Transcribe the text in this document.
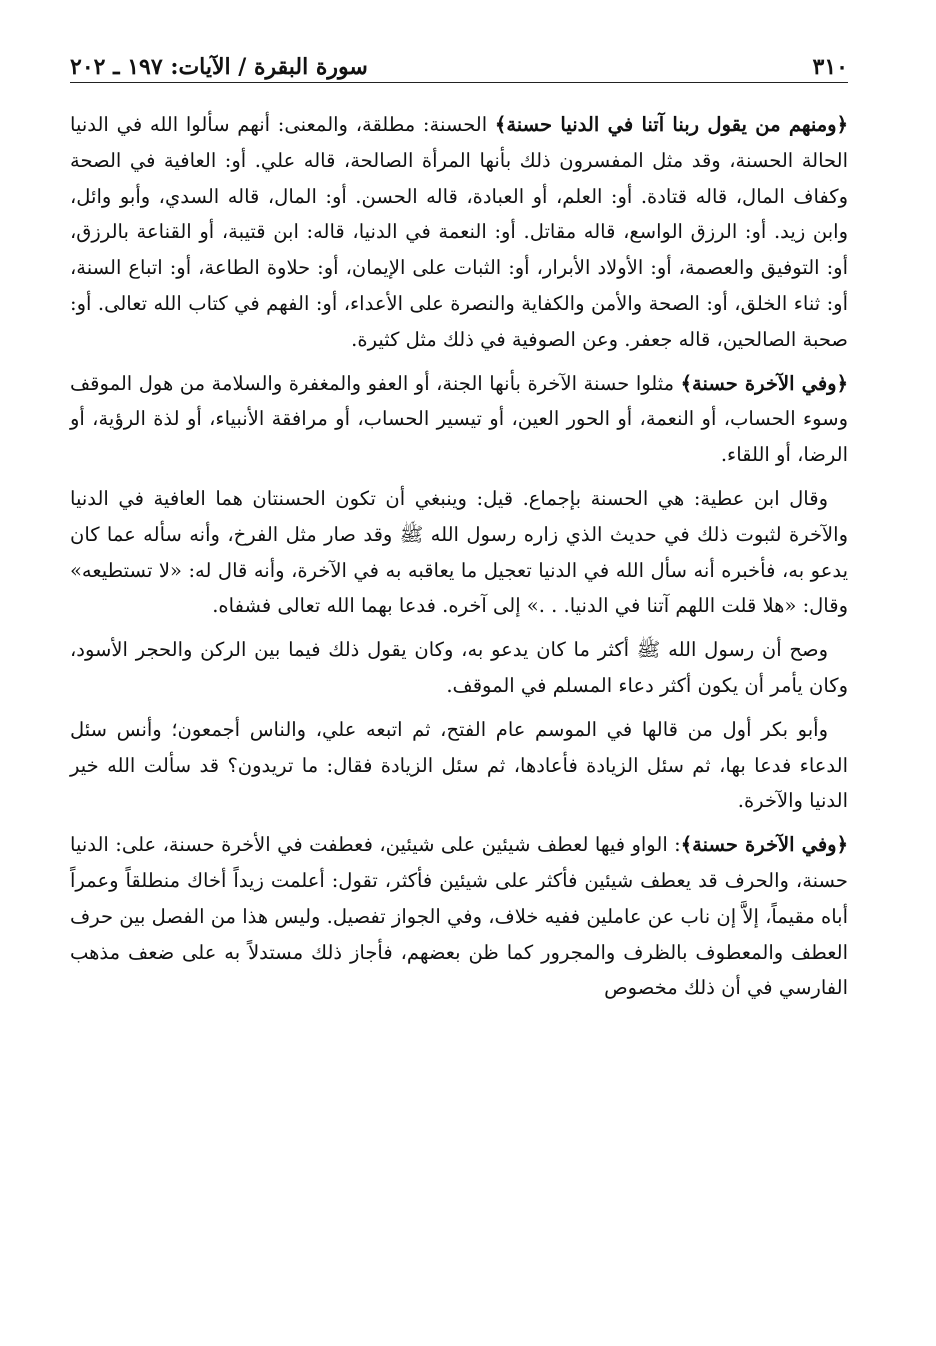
٣١٠
سورة البقرة / الآيات: ١٩٧ ـ ٢٠٢

﴿ومنهم من يقول ربنا آتنا في الدنيا حسنة﴾ الحسنة: مطلقة، والمعنى: أنهم سألوا الله في الدنيا الحالة الحسنة، وقد مثل المفسرون ذلك بأنها المرأة الصالحة، قاله علي. أو: العافية في الصحة وكفاف المال، قاله قتادة. أو: العلم، أو العبادة، قاله الحسن. أو: المال، قاله السدي، وأبو وائل، وابن زيد. أو: الرزق الواسع، قاله مقاتل. أو: النعمة في الدنيا، قاله: ابن قتيبة، أو القناعة بالرزق، أو: التوفيق والعصمة، أو: الأولاد الأبرار، أو: الثبات على الإيمان، أو: حلاوة الطاعة، أو: اتباع السنة، أو: ثناء الخلق، أو: الصحة والأمن والكفاية والنصرة على الأعداء، أو: الفهم في كتاب الله تعالى. أو: صحبة الصالحين، قاله جعفر. وعن الصوفية في ذلك مثل كثيرة.

﴿وفي الآخرة حسنة﴾ مثلوا حسنة الآخرة بأنها الجنة، أو العفو والمغفرة والسلامة من هول الموقف وسوء الحساب، أو النعمة، أو الحور العين، أو تيسير الحساب، أو مرافقة الأنبياء، أو لذة الرؤية، أو الرضا، أو اللقاء.

وقال ابن عطية: هي الحسنة بإجماع. قيل: وينبغي أن تكون الحسنتان هما العافية في الدنيا والآخرة لثبوت ذلك في حديث الذي زاره رسول الله ﷺ وقد صار مثل الفرخ، وأنه سأله عما كان يدعو به، فأخبره أنه سأل الله في الدنيا تعجيل ما يعاقبه به في الآخرة، وأنه قال له: «لا تستطيعه» وقال: «هلا قلت اللهم آتنا في الدنيا. . .» إلى آخره. فدعا بهما الله تعالى فشفاه.

وصح أن رسول الله ﷺ أكثر ما كان يدعو به، وكان يقول ذلك فيما بين الركن والحجر الأسود، وكان يأمر أن يكون أكثر دعاء المسلم في الموقف.

وأبو بكر أول من قالها في الموسم عام الفتح، ثم اتبعه علي، والناس أجمعون؛ وأنس سئل الدعاء فدعا بها، ثم سئل الزيادة فأعادها، ثم سئل الزيادة فقال: ما تريدون؟ قد سألت الله خير الدنيا والآخرة.

﴿وفي الآخرة حسنة﴾: الواو فيها لعطف شيئين على شيئين، فعطفت في الأخرة حسنة، على: الدنيا حسنة، والحرف قد يعطف شيئين فأكثر على شيئين فأكثر، تقول: أعلمت زيداً أخاك منطلقاً وعمراً أباه مقيماً، إلاَّ إن ناب عن عاملين ففيه خلاف، وفي الجواز تفصيل. وليس هذا من الفصل بين حرف العطف والمعطوف بالظرف والمجرور كما ظن بعضهم، فأجاز ذلك مستدلاً به على ضعف مذهب الفارسي في أن ذلك مخصوص
